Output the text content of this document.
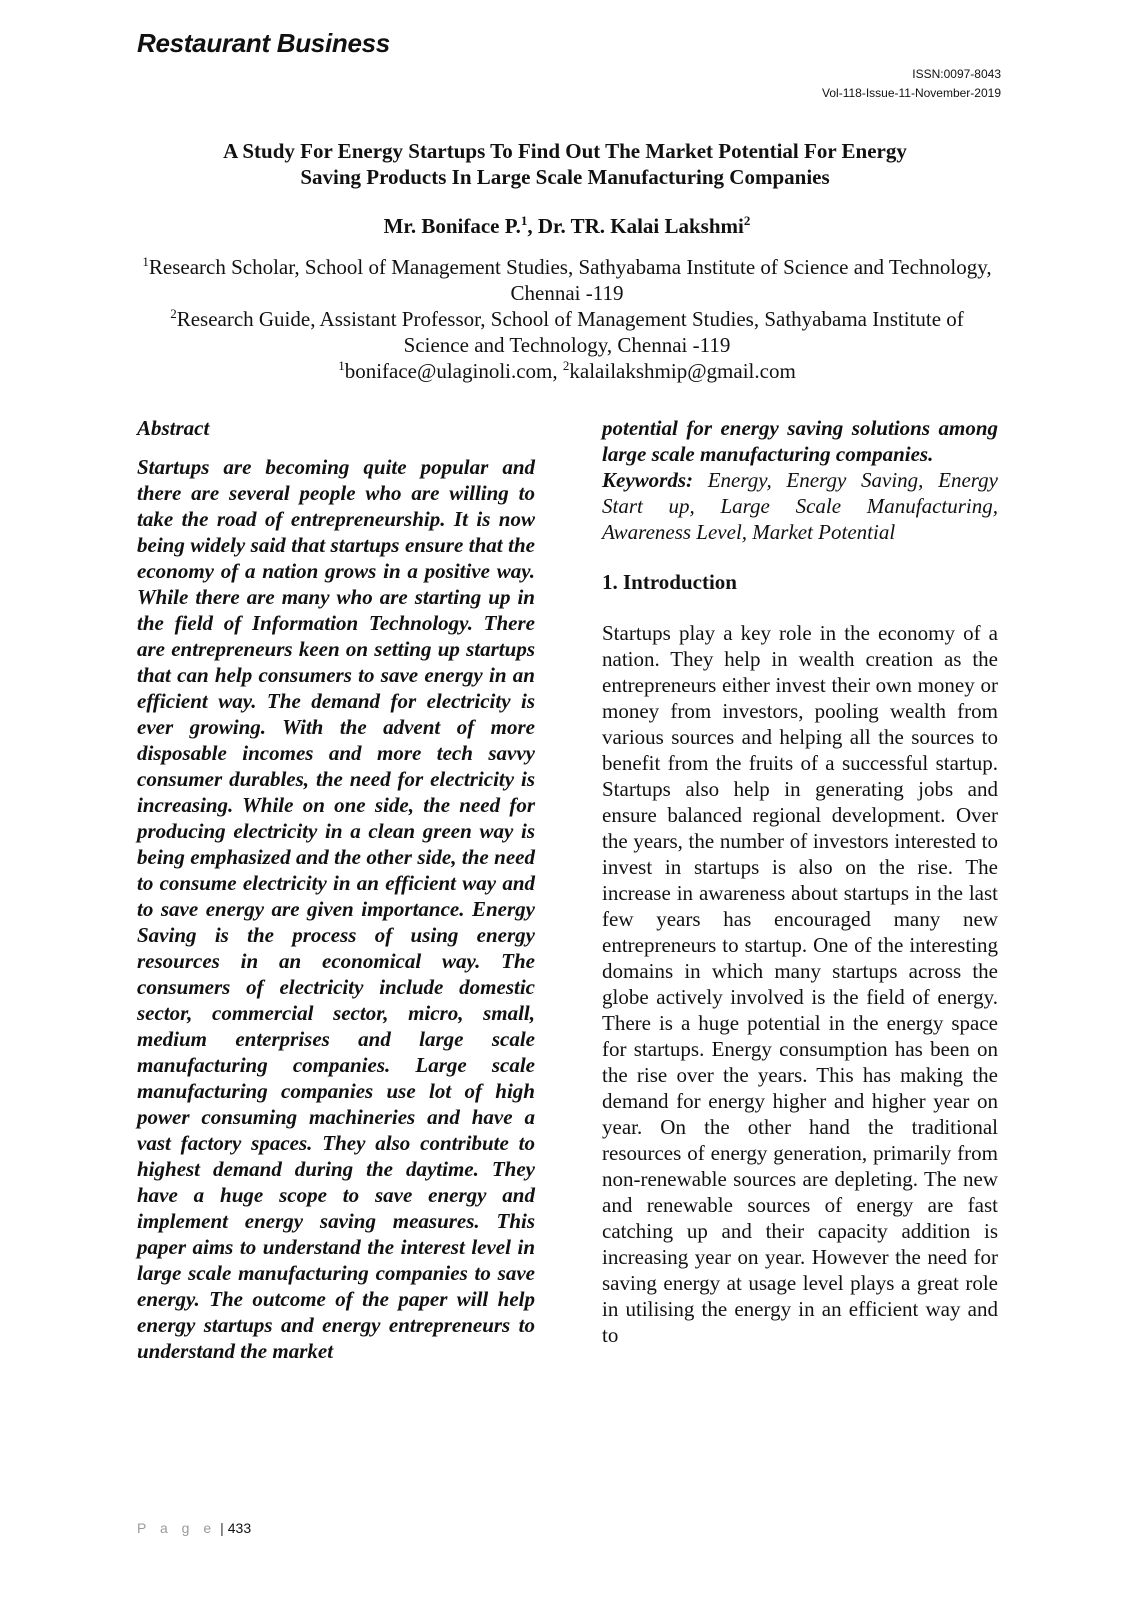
Restaurant Business
ISSN:0097-8043
Vol-118-Issue-11-November-2019
A Study For Energy Startups To Find Out The Market Potential For Energy
Saving Products In Large Scale Manufacturing Companies
Mr. Boniface P.$^1$, Dr. TR. Kalai Lakshmi$^2$
$^1$Research Scholar, School of Management Studies, Sathyabama Institute of Science and Technology, Chennai -119
$^2$Research Guide, Assistant Professor, School of Management Studies, Sathyabama Institute of Science and Technology, Chennai -119
$^1$boniface@ulaginoli.com, $^2$kalailakshmip@gmail.com

Abstract

Startups are becoming quite popular and there are several people who are willing to take the road of entrepreneurship. It is now being widely said that startups ensure that the economy of a nation grows in a positive way. While there are many who are starting up in the field of Information Technology. There are entrepreneurs keen on setting up startups that can help consumers to save energy in an efficient way. The demand for electricity is ever growing. With the advent of more disposable incomes and more tech savvy consumer durables, the need for electricity is increasing. While on one side, the need for producing electricity in a clean green way is being emphasized and the other side, the need to consume electricity in an efficient way and to save energy are given importance. Energy Saving is the process of using energy resources in an economical way. The consumers of electricity include domestic sector, commercial sector, micro, small, medium enterprises and large scale manufacturing companies. Large scale manufacturing companies use lot of high power consuming machineries and have a vast factory spaces. They also contribute to highest demand during the daytime. They have a huge scope to save energy and implement energy saving measures. This paper aims to understand the interest level in large scale manufacturing companies to save energy. The outcome of the paper will help energy startups and energy entrepreneurs to understand the market

potential for energy saving solutions among large scale manufacturing companies.

Keywords: Energy, Energy Saving, Energy Start up, Large Scale Manufacturing, Awareness Level, Market Potential

1. Introduction

Startups play a key role in the economy of a nation. They help in wealth creation as the entrepreneurs either invest their own money or money from investors, pooling wealth from various sources and helping all the sources to benefit from the fruits of a successful startup. Startups also help in generating jobs and ensure balanced regional development. Over the years, the number of investors interested to invest in startups is also on the rise. The increase in awareness about startups in the last few years has encouraged many new entrepreneurs to startup. One of the interesting domains in which many startups across the globe actively involved is the field of energy. There is a huge potential in the energy space for startups. Energy consumption has been on the rise over the years. This has making the demand for energy higher and higher year on year. On the other hand the traditional resources of energy generation, primarily from non-renewable sources are depleting. The new and renewable sources of energy are fast catching up and their capacity addition is increasing year on year. However the need for saving energy at usage level plays a great role in utilising the energy in an efficient way and to

P a g e | 433
